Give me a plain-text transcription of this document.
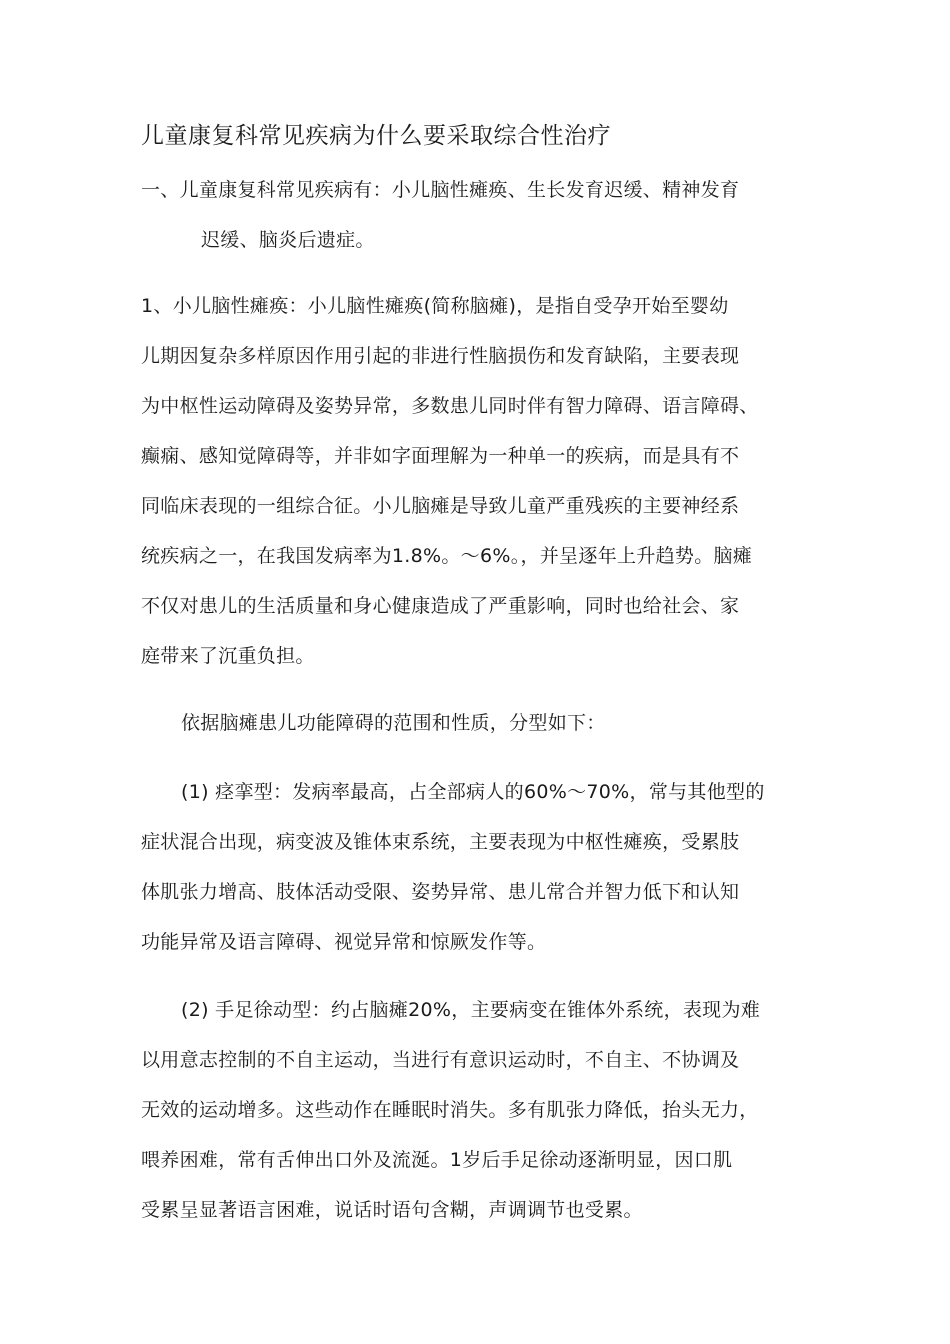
儿童康复科常见疾病为什么要采取综合性治疗

一、儿童康复科常见疾病有：小儿脑性瘫痪、生长发育迟缓、精神发育
迟缓、脑炎后遗症。

1、小儿脑性瘫痪：小儿脑性瘫痪(简称脑瘫)，是指自受孕开始至婴幼
儿期因复杂多样原因作用引起的非进行性脑损伤和发育缺陷，主要表现
为中枢性运动障碍及姿势异常，多数患儿同时伴有智力障碍、语言障碍、
癫痫、感知觉障碍等，并非如字面理解为一种单一的疾病，而是具有不
同临床表现的一组综合征。小儿脑瘫是导致儿童严重残疾的主要神经系
统疾病之一，在我国发病率为1.8%。〜6%。，并呈逐年上升趋势。脑瘫
不仅对患儿的生活质量和身心健康造成了严重影响，同时也给社会、家
庭带来了沉重负担。

依据脑瘫患儿功能障碍的范围和性质，分型如下：

(1) 痉挛型：发病率最高，占全部病人的60%〜70%，常与其他型的
症状混合出现，病变波及锥体束系统，主要表现为中枢性瘫痪，受累肢
体肌张力增高、肢体活动受限、姿势异常、患儿常合并智力低下和认知
功能异常及语言障碍、视觉异常和惊厥发作等。

(2) 手足徐动型：约占脑瘫20%，主要病变在锥体外系统，表现为难
以用意志控制的不自主运动，当进行有意识运动时，不自主、不协调及
无效的运动增多。这些动作在睡眠时消失。多有肌张力降低，抬头无力，
喂养困难，常有舌伸出口外及流涎。1岁后手足徐动逐渐明显，因口肌
受累呈显著语言困难，说话时语句含糊，声调调节也受累。
